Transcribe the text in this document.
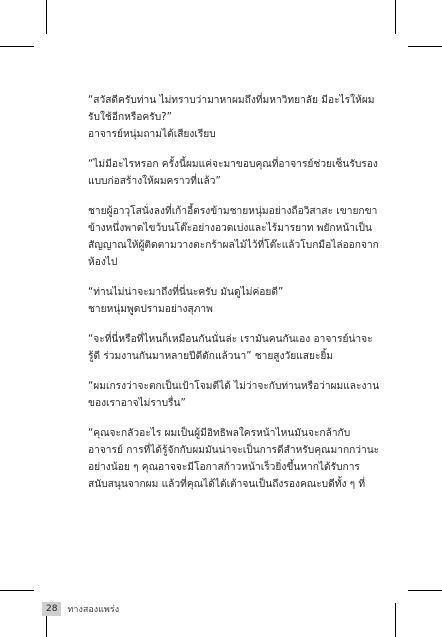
“สวัสดีครับท่าน ไม่ทราบว่ามาหาผมถึงที่มหาวิทยาลัย มีอะไรให้ผม
รับใช้อีกหรือครับ?”
อาจารย์หนุ่มถามได้เสียงเรียบ

“ไม่มีอะไรหรอก ครั้งนี้ผมแค่จะมาขอบคุณที่อาจารย์ช่วยเซ็นรับรอง
แบบก่อสร้างให้ผมคราวที่แล้ว”

ชายผู้อาวุโสนั่งลงที่เก้าอี้ตรงข้ามชายหนุ่มอย่างถือวิสาสะ เขายกขา
ข้างหนึ่งพาดไขว้บนโต๊ะอย่างอวดเบ่งและไร้มารยาท พยักหน้าเป็น
สัญญาณให้ผู้ติดตามวางตะกร้าผลไม้ไว้ที่โต๊ะแล้วโบกมือไล่ออกจาก
ห้องไป

“ท่านไม่น่าจะมาถึงที่นี่นะครับ มันดูไม่ค่อยดี”
ชายหนุ่มพูดปรามอย่างสุภาพ

“จะที่นี่หรือที่ไหนก็เหมือนกันนั่นล่ะ เรามันคนกันเอง อาจารย์น่าจะ
รู้ดี ร่วมงานกันมาหลายปีดีดักแล้วนา” ชายสูงวัยแสยะยิ้ม

“ผมเกรงว่าจะตกเป็นเป้าโจมตีได้ ไม่ว่าจะกับท่านหรือว่าผมและงาน
ของเราอาจไม่ราบรื่น”

“คุณจะกลัวอะไร ผมเป็นผู้มีอิทธิพลใครหน้าไหนมันจะกล้ากับ
อาจารย์ การที่ได้รู้จักกับผมมันน่าจะเป็นการดีสำหรับคุณมากกว่านะ
อย่างน้อย ๆ คุณอาจจะมีโอกาสก้าวหน้าเร็วยิ่งขึ้นหากได้รับการ
สนับสนุนจากผม แล้วที่คุณได้ได้เต้าจนเป็นถึงรองคณะบดีทั้ง ๆ ที่

28	ทางสองแพร่ง
